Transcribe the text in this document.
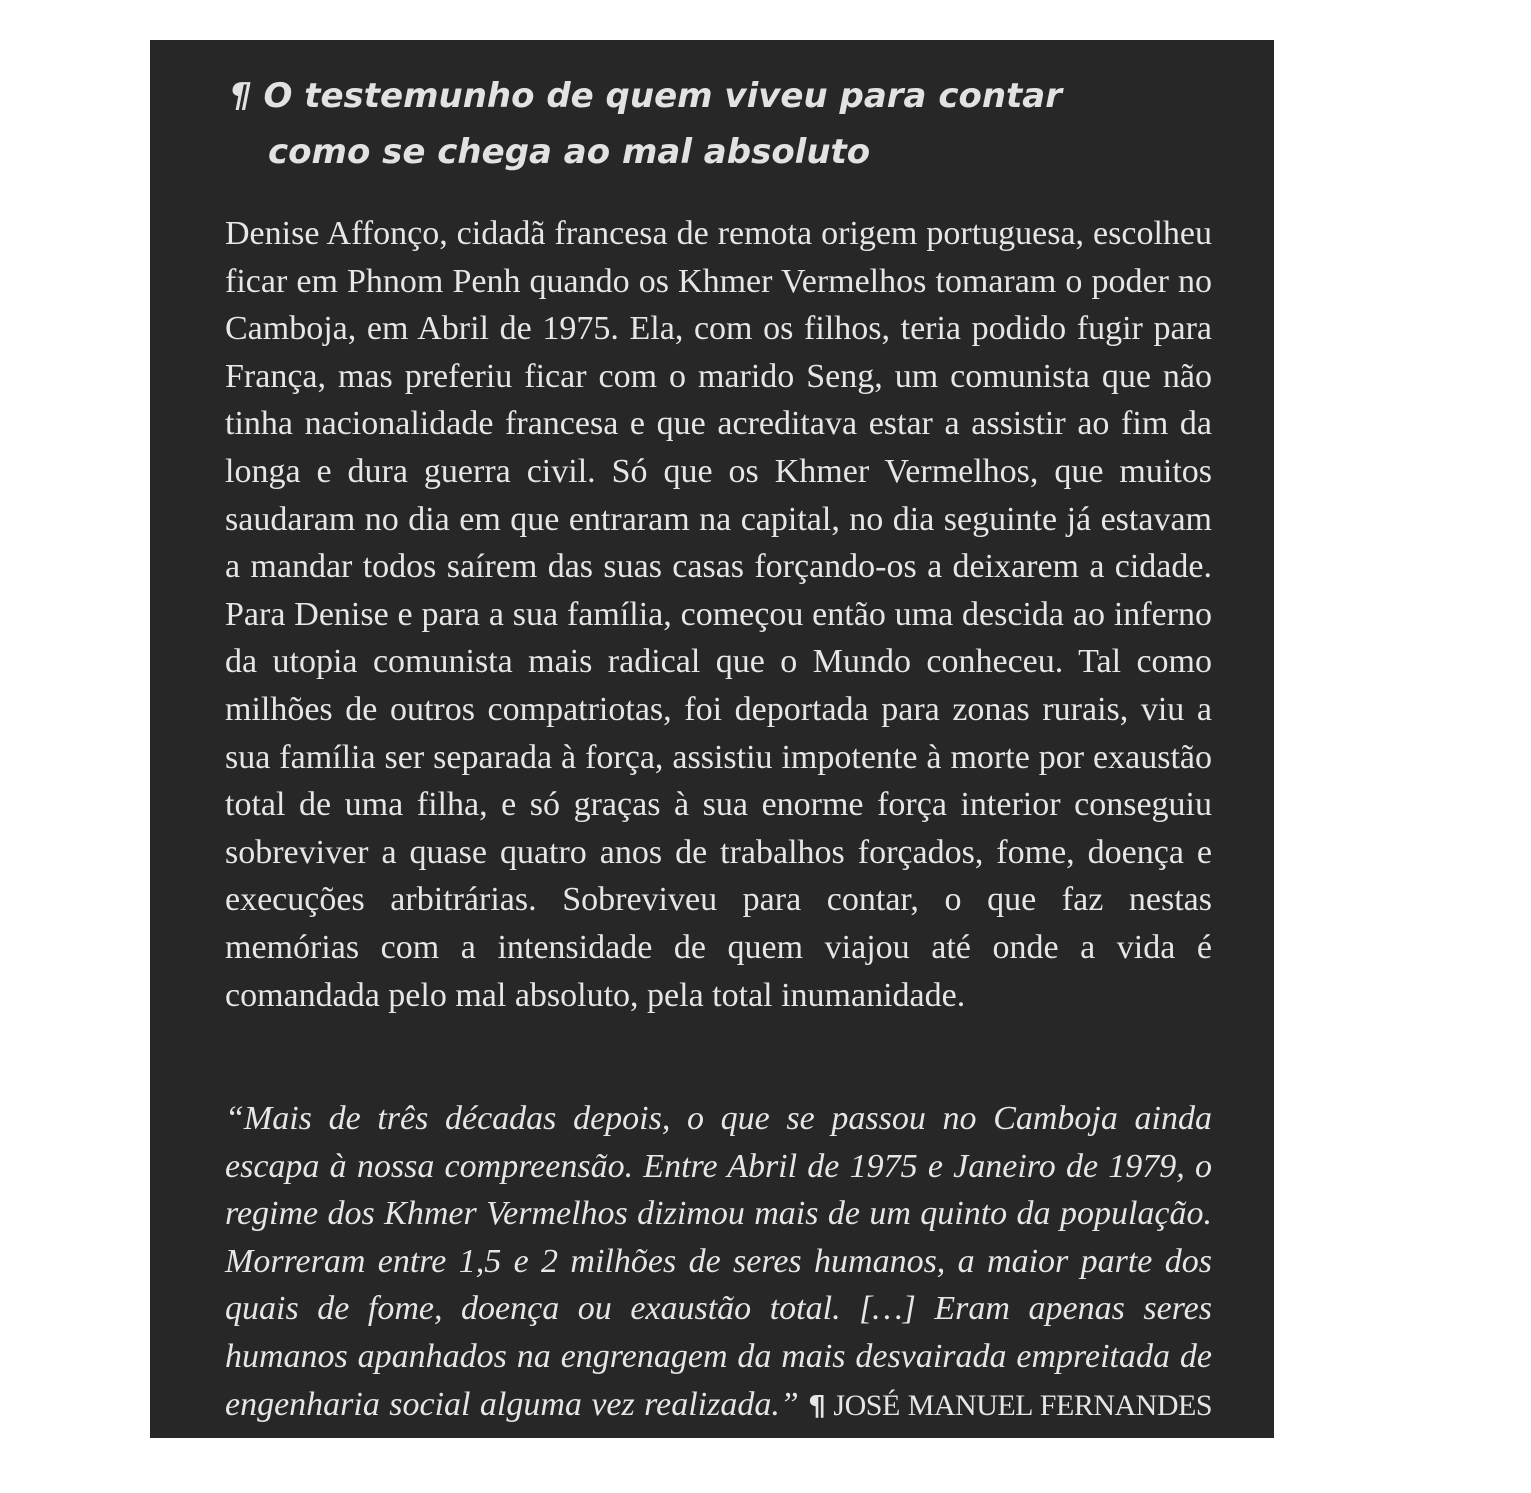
¶ O testemunho de quem viveu para contar
como se chega ao mal absoluto
Denise Affonço, cidadã francesa de remota origem portuguesa, escolheu ficar em Phnom Penh quando os Khmer Vermelhos tomaram o poder no Camboja, em Abril de 1975. Ela, com os filhos, teria podido fugir para França, mas preferiu ficar com o marido Seng, um comunista que não tinha nacionalidade francesa e que acreditava estar a assistir ao fim da longa e dura guerra civil. Só que os Khmer Vermelhos, que muitos saudaram no dia em que entraram na capital, no dia seguinte já estavam a mandar todos saírem das suas casas forçando-os a deixarem a cidade. Para Denise e para a sua família, começou então uma descida ao inferno da utopia comunista mais radical que o Mundo conheceu. Tal como milhões de outros compatriotas, foi deportada para zonas rurais, viu a sua família ser separada à força, assistiu impotente à morte por exaustão total de uma filha, e só graças à sua enorme força interior conseguiu sobreviver a quase quatro anos de trabalhos forçados, fome, doença e execuções arbitrárias. Sobreviveu para contar, o que faz nestas memórias com a intensidade de quem viajou até onde a vida é comandada pelo mal absoluto, pela total inumanidade.
“Mais de três décadas depois, o que se passou no Camboja ainda escapa à nossa compreensão. Entre Abril de 1975 e Janeiro de 1979, o regime dos Khmer Vermelhos dizimou mais de um quinto da população. Morreram entre 1,5 e 2 milhões de seres humanos, a maior parte dos quais de fome, doença ou exaustão total. […] Eram apenas seres humanos apanhados na engrenagem da mais desvairada empreitada de engenharia social alguma vez realizada.” ¶ JOSÉ MANUEL FERNANDES
